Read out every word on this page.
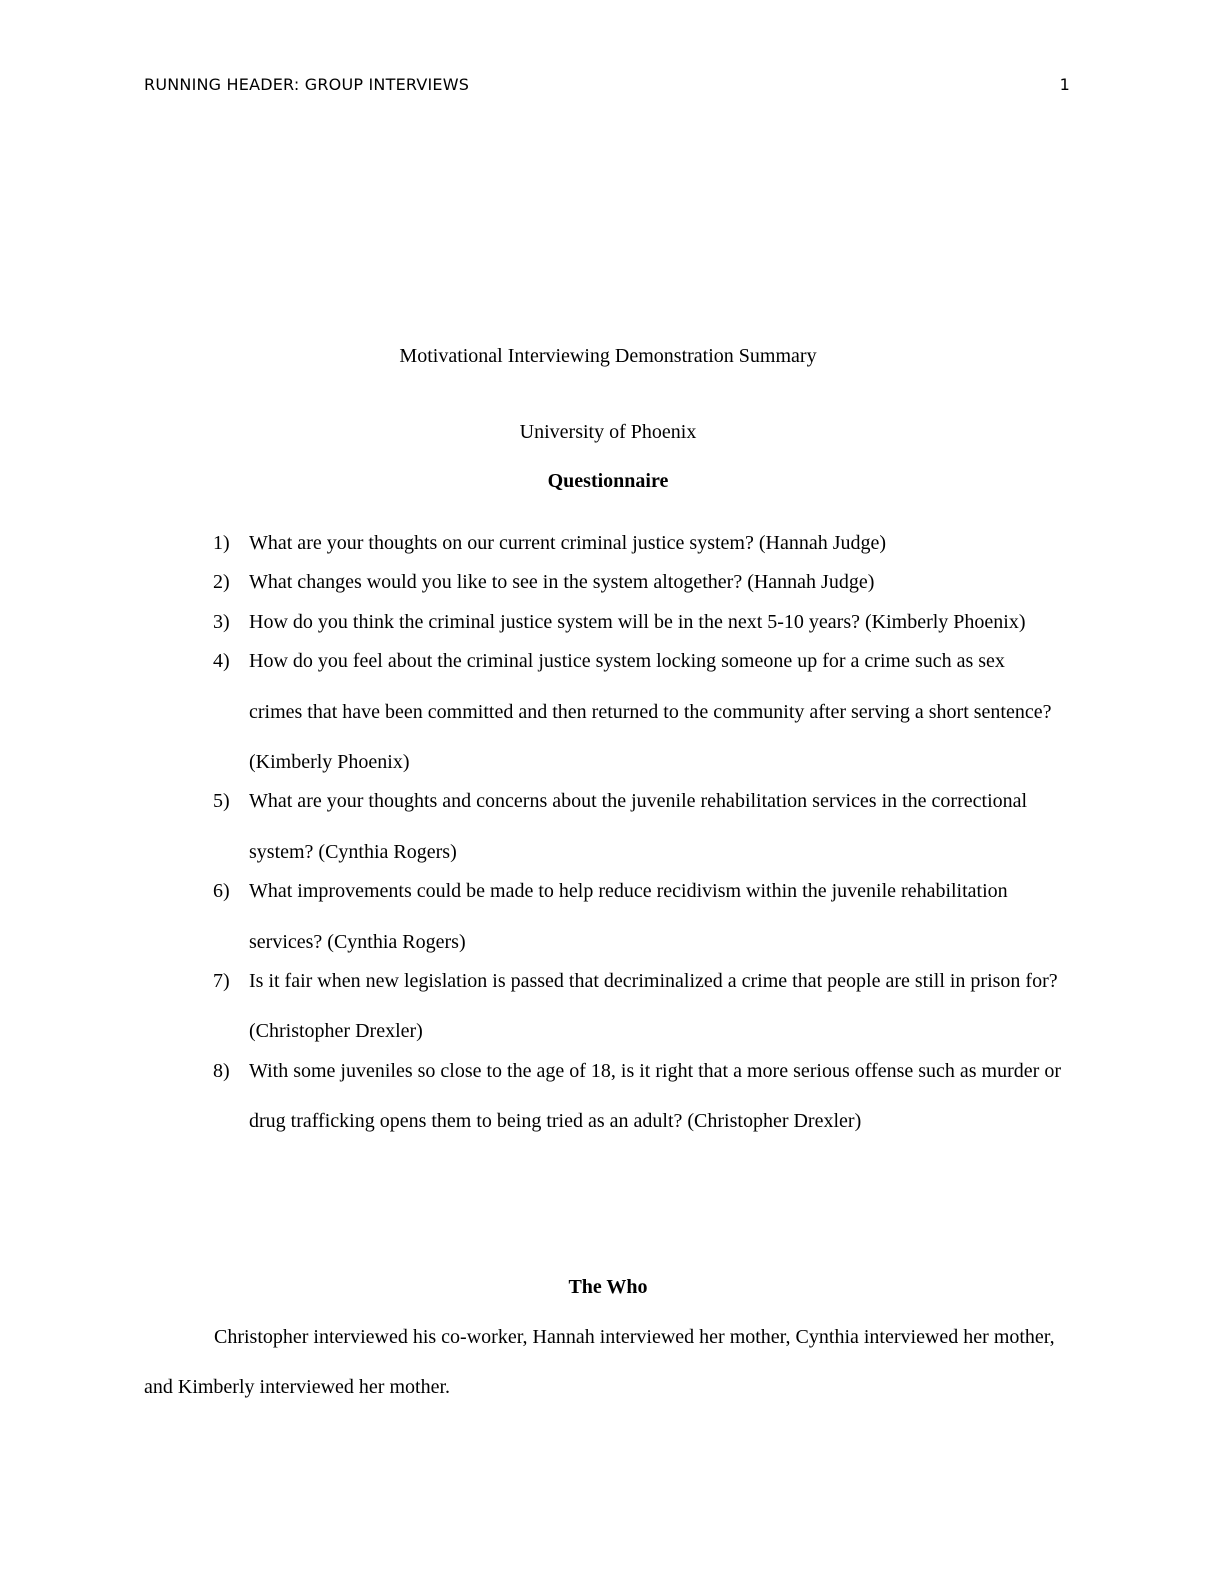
RUNNING HEADER: GROUP INTERVIEWS	1
Motivational Interviewing Demonstration Summary
University of Phoenix
Questionnaire
1) What are your thoughts on our current criminal justice system? (Hannah Judge)
2) What changes would you like to see in the system altogether? (Hannah Judge)
3) How do you think the criminal justice system will be in the next 5-10 years? (Kimberly Phoenix)
4) How do you feel about the criminal justice system locking someone up for a crime such as sex crimes that have been committed and then returned to the community after serving a short sentence? (Kimberly Phoenix)
5) What are your thoughts and concerns about the juvenile rehabilitation services in the correctional system? (Cynthia Rogers)
6) What improvements could be made to help reduce recidivism within the juvenile rehabilitation services? (Cynthia Rogers)
7) Is it fair when new legislation is passed that decriminalized a crime that people are still in prison for? (Christopher Drexler)
8) With some juveniles so close to the age of 18, is it right that a more serious offense such as murder or drug trafficking opens them to being tried as an adult? (Christopher Drexler)
The Who

Christopher interviewed his co-worker, Hannah interviewed her mother, Cynthia interviewed her mother, and Kimberly interviewed her mother.
